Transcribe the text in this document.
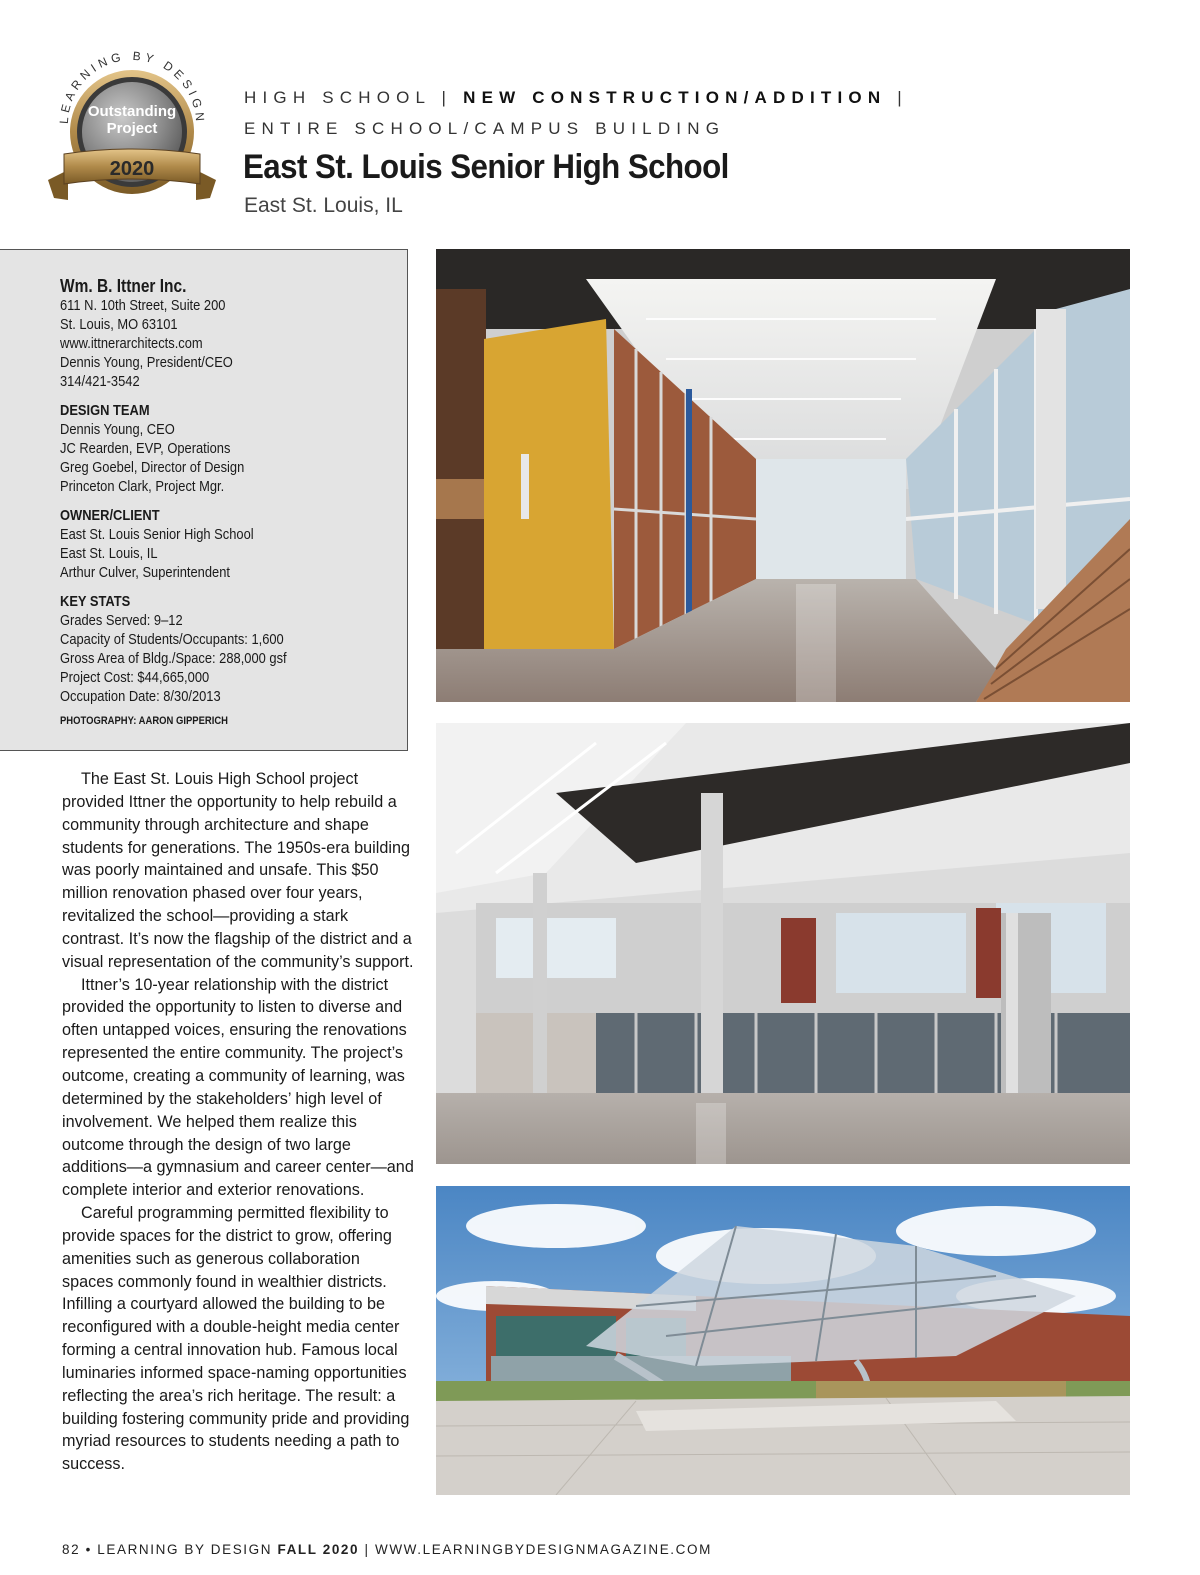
LEARNING BY DESIGN
Outstanding
Project
2020
HIGH SCHOOL | NEW CONSTRUCTION/ADDITION |
ENTIRE SCHOOL/CAMPUS BUILDING
East St. Louis Senior High School
East St. Louis, IL
Wm. B. Ittner Inc.
611 N. 10th Street, Suite 200
St. Louis, MO 63101
www.ittnerarchitects.com
Dennis Young, President/CEO
314/421-3542
DESIGN TEAM
Dennis Young, CEO
JC Rearden, EVP, Operations
Greg Goebel, Director of Design
Princeton Clark, Project Mgr.
OWNER/CLIENT
East St. Louis Senior High School
East St. Louis, IL
Arthur Culver, Superintendent
KEY STATS
Grades Served: 9–12
Capacity of Students/Occupants: 1,600
Gross Area of Bldg./Space: 288,000 gsf
Project Cost: $44,665,000
Occupation Date: 8/30/2013
PHOTOGRAPHY: AARON GIPPERICH

The East St. Louis High School project provided Ittner the opportunity to help rebuild a community through architecture and shape students for generations. The 1950s-era building was poorly maintained and unsafe. This $50 million renovation phased over four years, revitalized the school—providing a stark contrast. It’s now the flagship of the district and a visual representation of the community’s support.

Ittner’s 10-year relationship with the district provided the opportunity to listen to diverse and often untapped voices, ensuring the renovations represented the entire community. The project’s outcome, creating a community of learning, was determined by the stakeholders’ high level of involvement. We helped them realize this outcome through the design of two large additions—a gymnasium and career center—and complete interior and exterior renovations.

Careful programming permitted flexibility to provide spaces for the district to grow, offering amenities such as generous collaboration spaces commonly found in wealthier districts. Infilling a courtyard allowed the building to be reconfigured with a double-height media center forming a central innovation hub. Famous local luminaries informed space-naming opportunities reflecting the area’s rich heritage. The result: a building fostering community pride and providing myriad resources to students needing a path to success.

82 • LEARNING BY DESIGN FALL 2020 | WWW.LEARNINGBYDESIGNMAGAZINE.COM
